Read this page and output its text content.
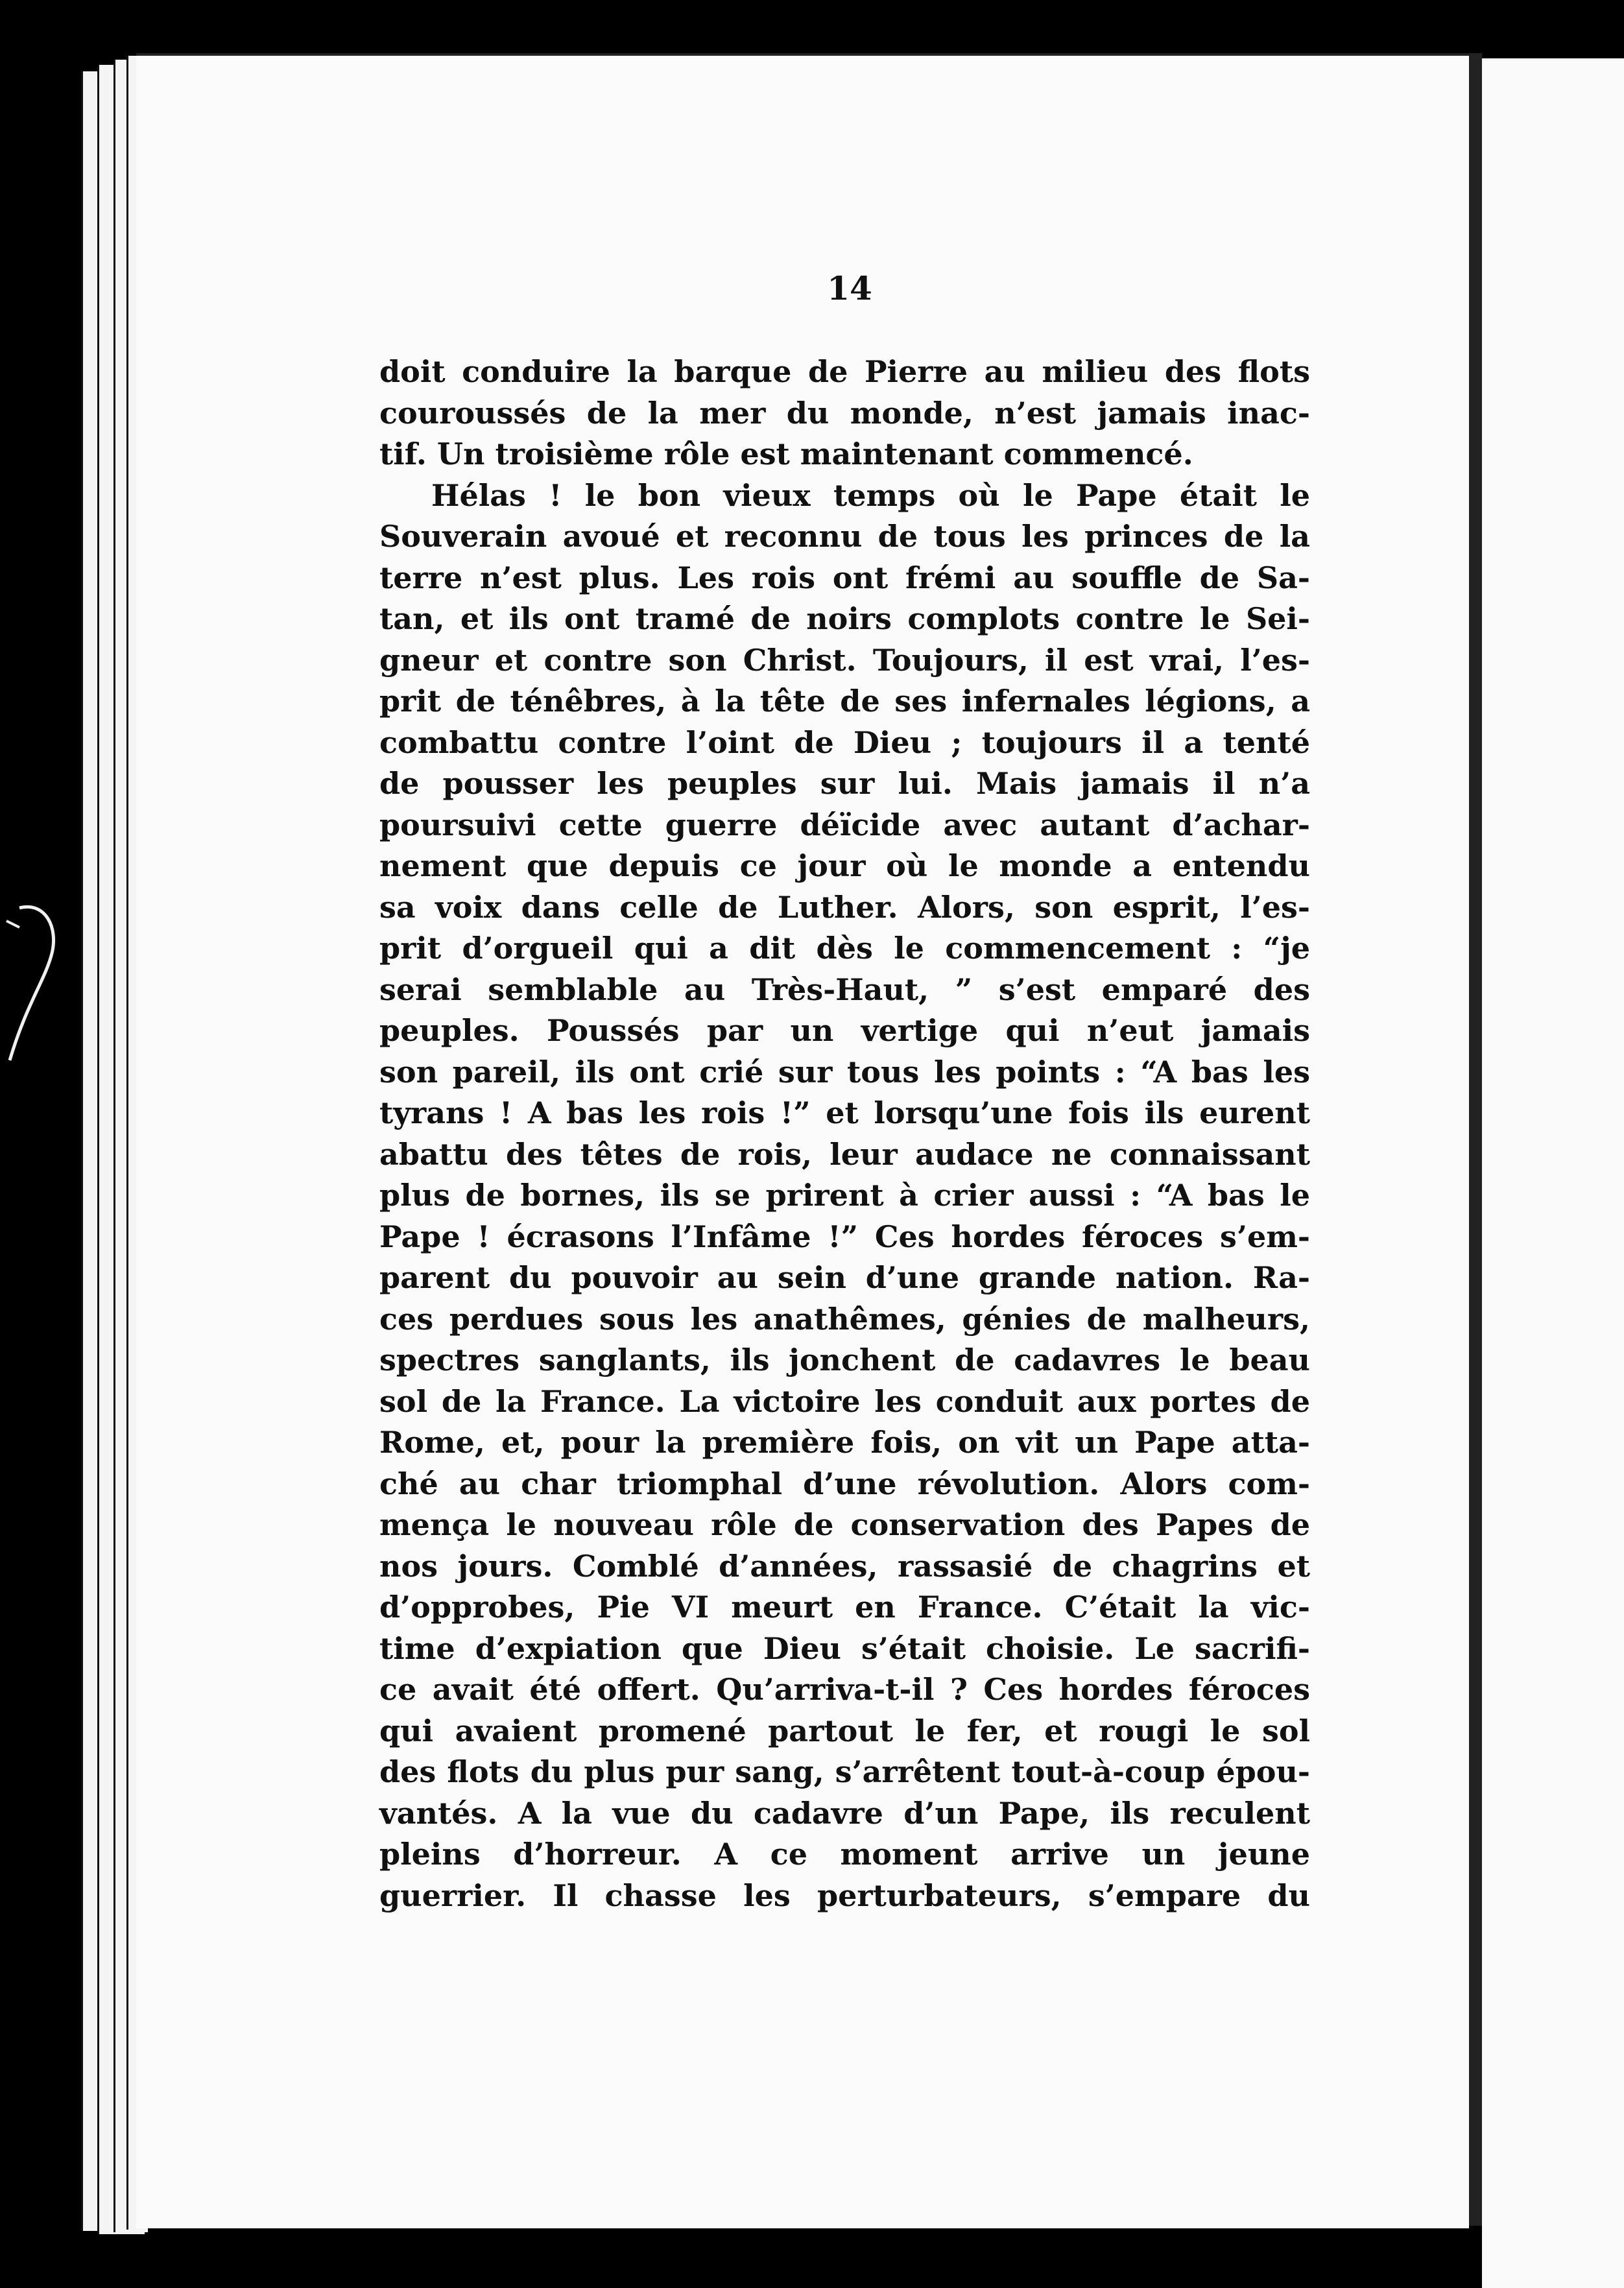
14
doit conduire la barque de Pierre au milieu des flots
couroussés de la mer du monde, n’est jamais inac-
tif. Un troisième rôle est maintenant commencé.
Hélas ! le bon vieux temps où le Pape était le
Souverain avoué et reconnu de tous les princes de la
terre n’est plus. Les rois ont frémi au souffle de Sa-
tan, et ils ont tramé de noirs complots contre le Sei-
gneur et contre son Christ. Toujours, il est vrai, l’es-
prit de ténêbres, à la tête de ses infernales légions, a
combattu contre l’oint de Dieu ; toujours il a tenté
de pousser les peuples sur lui. Mais jamais il n’a
poursuivi cette guerre déïcide avec autant d’achar-
nement que depuis ce jour où le monde a entendu
sa voix dans celle de Luther. Alors, son esprit, l’es-
prit d’orgueil qui a dit dès le commencement : “je
serai semblable au Très-Haut, ” s’est emparé des
peuples. Poussés par un vertige qui n’eut jamais
son pareil, ils ont crié sur tous les points : “A bas les
tyrans ! A bas les rois !” et lorsqu’une fois ils eurent
abattu des têtes de rois, leur audace ne connaissant
plus de bornes, ils se prirent à crier aussi : “A bas le
Pape ! écrasons l’Infâme !” Ces hordes féroces s’em-
parent du pouvoir au sein d’une grande nation. Ra-
ces perdues sous les anathêmes, génies de malheurs,
spectres sanglants, ils jonchent de cadavres le beau
sol de la France. La victoire les conduit aux portes de
Rome, et, pour la première fois, on vit un Pape atta-
ché au char triomphal d’une révolution. Alors com-
mença le nouveau rôle de conservation des Papes de
nos jours. Comblé d’années, rassasié de chagrins et
d’opprobes, Pie VI meurt en France. C’était la vic-
time d’expiation que Dieu s’était choisie. Le sacrifi-
ce avait été offert. Qu’arriva-t-il ? Ces hordes féroces
qui avaient promené partout le fer, et rougi le sol
des flots du plus pur sang, s’arrêtent tout-à-coup épou-
vantés. A la vue du cadavre d’un Pape, ils reculent
pleins d’horreur. A ce moment arrive un jeune
guerrier. Il chasse les perturbateurs, s’empare du
